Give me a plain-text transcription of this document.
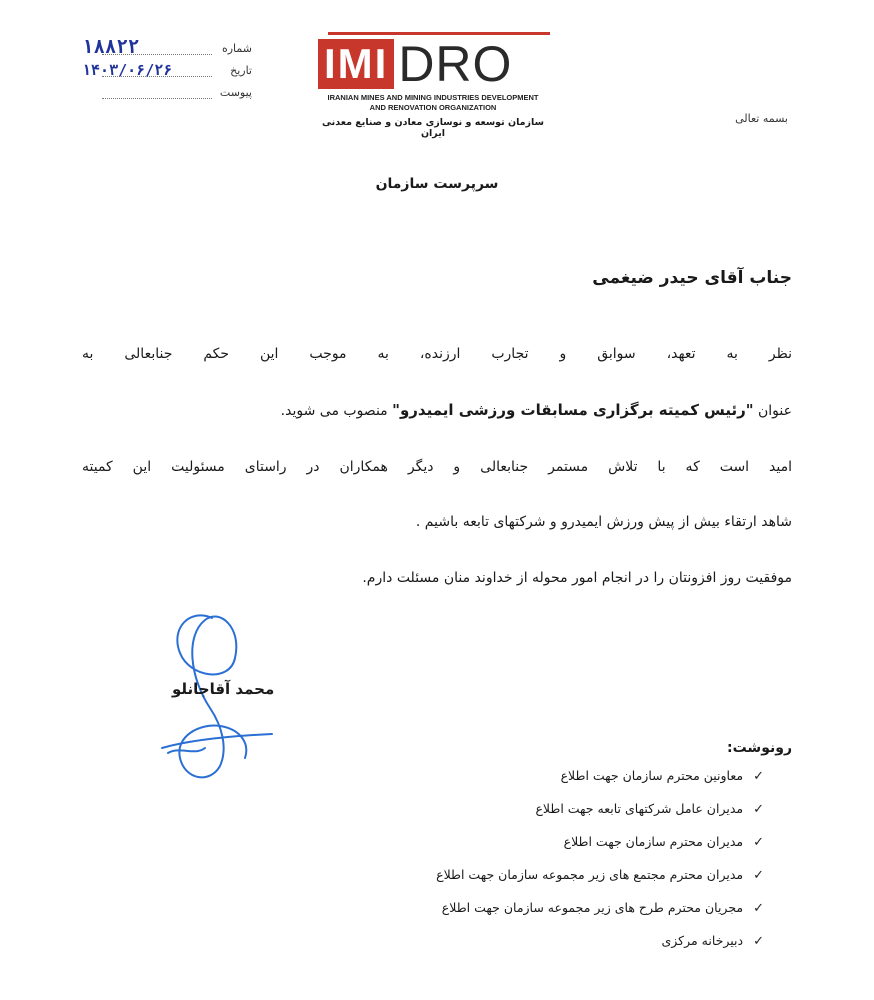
شماره
۱۸۸۲۲
تاریخ
۱۴۰۳/۰۶/۲۶
پیوست
IMI DRO
IRANIAN MINES AND MINING INDUSTRIES DEVELOPMENT
AND RENOVATION ORGANIZATION
سازمان توسعه و نوسازی معادن و صنایع معدنی ایران
بسمه تعالی
سرپرست سازمان
جناب آقای حیدر ضیغمی
نظر به تعهد، سوابق و تجارب ارزنده، به موجب این حکم جنابعالی به
عنوان "رئیس کمیته برگزاری مسابقات ورزشی ایمیدرو" منصوب می شوید.
امید است که با تلاش مستمر جنابعالی و دیگر همکاران در راستای مسئولیت این کمیته
شاهد ارتقاء بیش از پیش ورزش ایمیدرو و شرکتهای تابعه باشیم .
موفقیت روز افزونتان را در انجام امور محوله از خداوند منان مسئلت دارم.
محمد آقاجانلو
رونوشت:
✓معاونین محترم سازمان جهت اطلاع
✓مدیران عامل شرکتهای تابعه جهت اطلاع
✓مدیران محترم سازمان جهت اطلاع
✓مدیران محترم مجتمع های زیر مجموعه سازمان جهت اطلاع
✓مجریان محترم طرح های زیر مجموعه سازمان جهت اطلاع
✓دبیرخانه مرکزی
